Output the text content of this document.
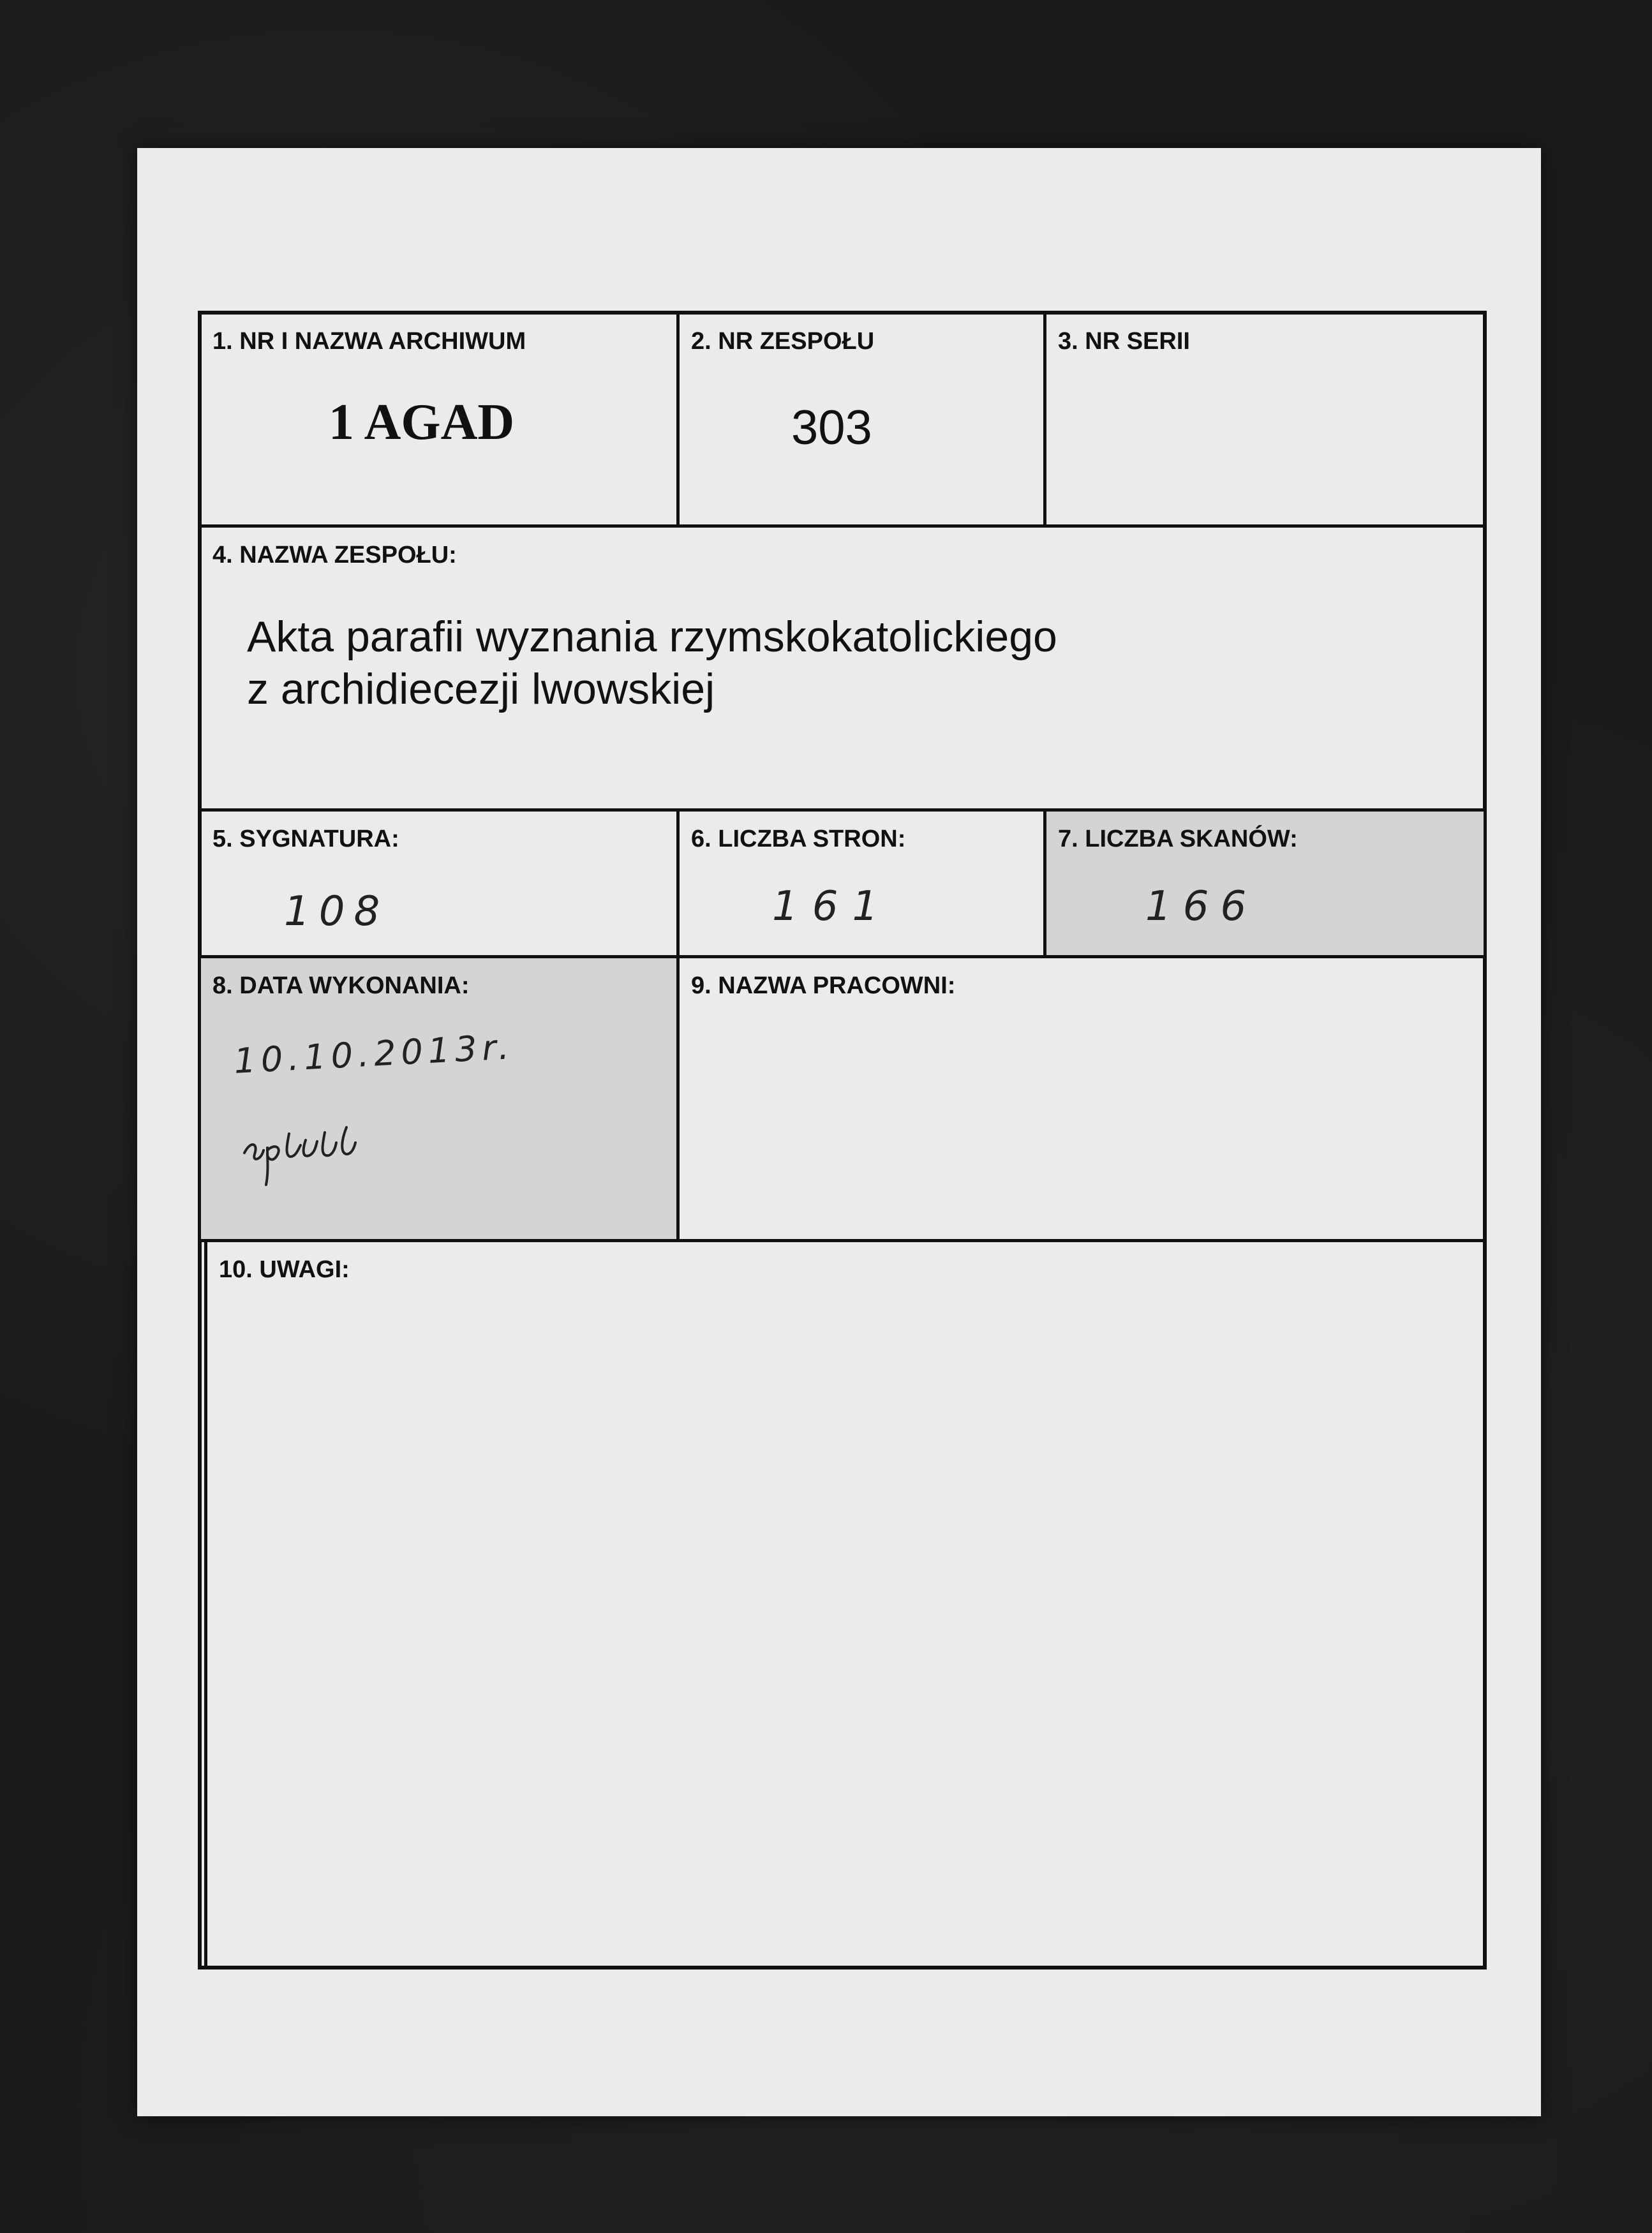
1. NR I NAZWA ARCHIWUM
1 AGAD
2. NR ZESPOŁU
303
3. NR SERII
4. NAZWA ZESPOŁU:
Akta parafii wyznania rzymskokatolickiego
z archidiecezji lwowskiej
5. SYGNATURA:
108
6. LICZBA STRON:
161
7. LICZBA SKANÓW:
166
8. DATA WYKONANIA:
10.10.2013r.
9. NAZWA PRACOWNI:
10. UWAGI:
